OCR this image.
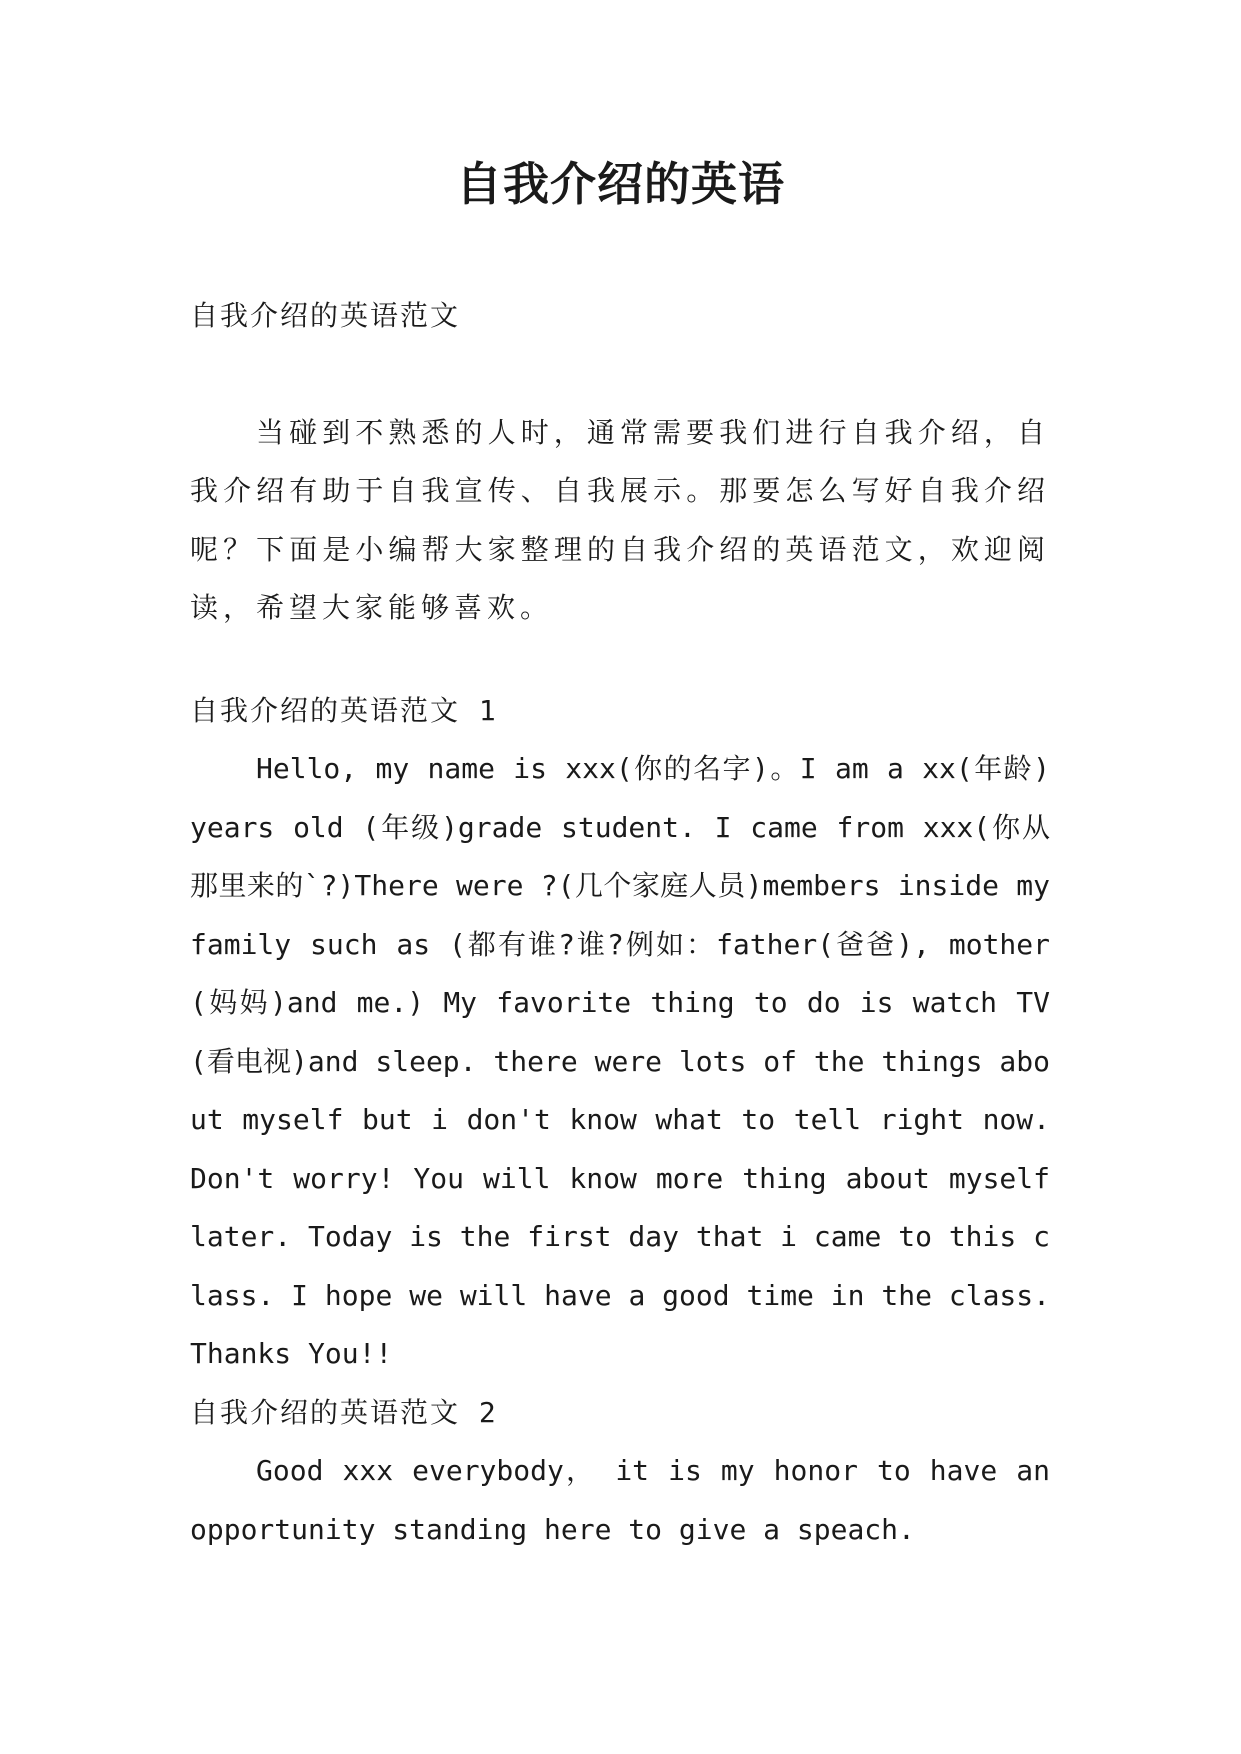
自我介绍的英语

自我介绍的英语范文

当碰到不熟悉的人时，通常需要我们进行自我介绍，自我介绍有助于自我宣传、自我展示。那要怎么写好自我介绍呢？下面是小编帮大家整理的自我介绍的英语范文，欢迎阅读，希望大家能够喜欢。

自我介绍的英语范文 1

Hello, my name is xxx(你的名字)。I am a xx(年龄) years old (年级)grade student. I came from xxx(你从那里来的`?)There were ?(几个家庭人员)members inside my family such as (都有谁?谁?例如：father(爸爸), mother(妈妈)and me.) My favorite thing to do is watch TV(看电视)and sleep. there were lots of the things about myself but i don't know what to tell right now. Don't worry! You will know more thing about myself later. Today is the first day that i came to this class. I hope we will have a good time in the class. Thanks You!!

自我介绍的英语范文 2

Good xxx everybody， it is my honor to have an opportunity standing here to give a speach.
